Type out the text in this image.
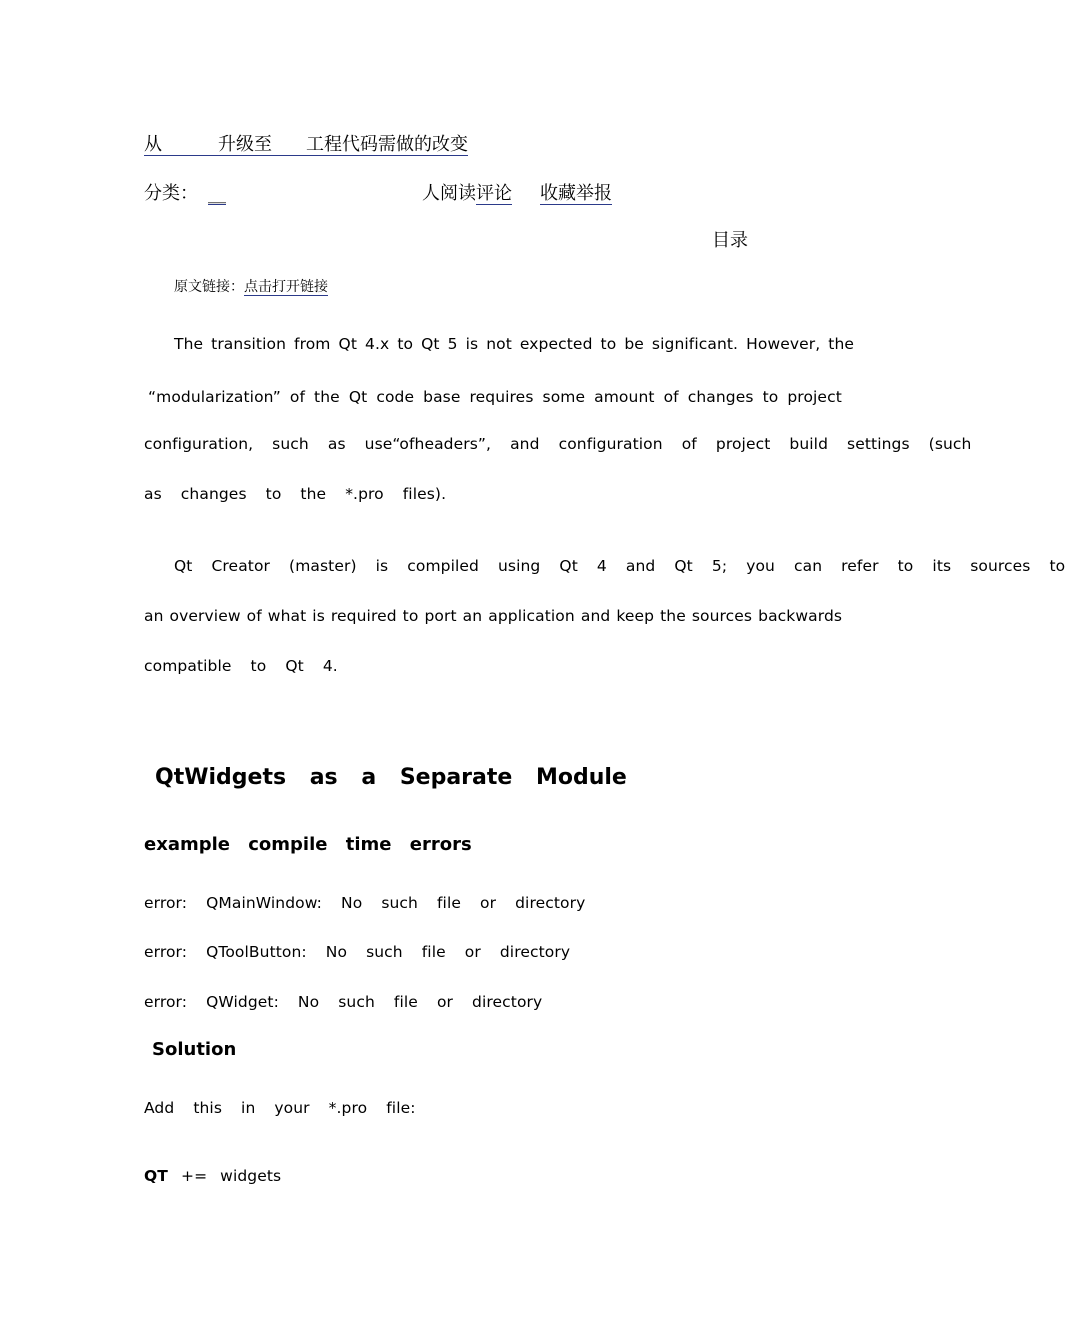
从	升级至 工程代码需做的改变
分类： __	人阅读评论 收藏举报
目录
原文链接：点击打开链接
The transition from Qt 4.x to Qt 5 is not expected to be significant. However, the
“modularization” of the Qt code base requires some amount of changes to project
configuration, such as use“ofheaders”, and configuration of project build settings (such
as changes to the *.pro files).
Qt Creator (master) is compiled using Qt 4 and Qt 5; you can refer to its sources to
an overview of what is required to port an application and keep the sources backwards
compatible to Qt 4.
QtWidgets as a Separate Module
example compile time errors
error: QMainWindow: No such file or directory
error: QToolButton: No such file or directory
error: QWidget: No such file or directory
Solution
Add this in your *.pro file:
QT += widgets
